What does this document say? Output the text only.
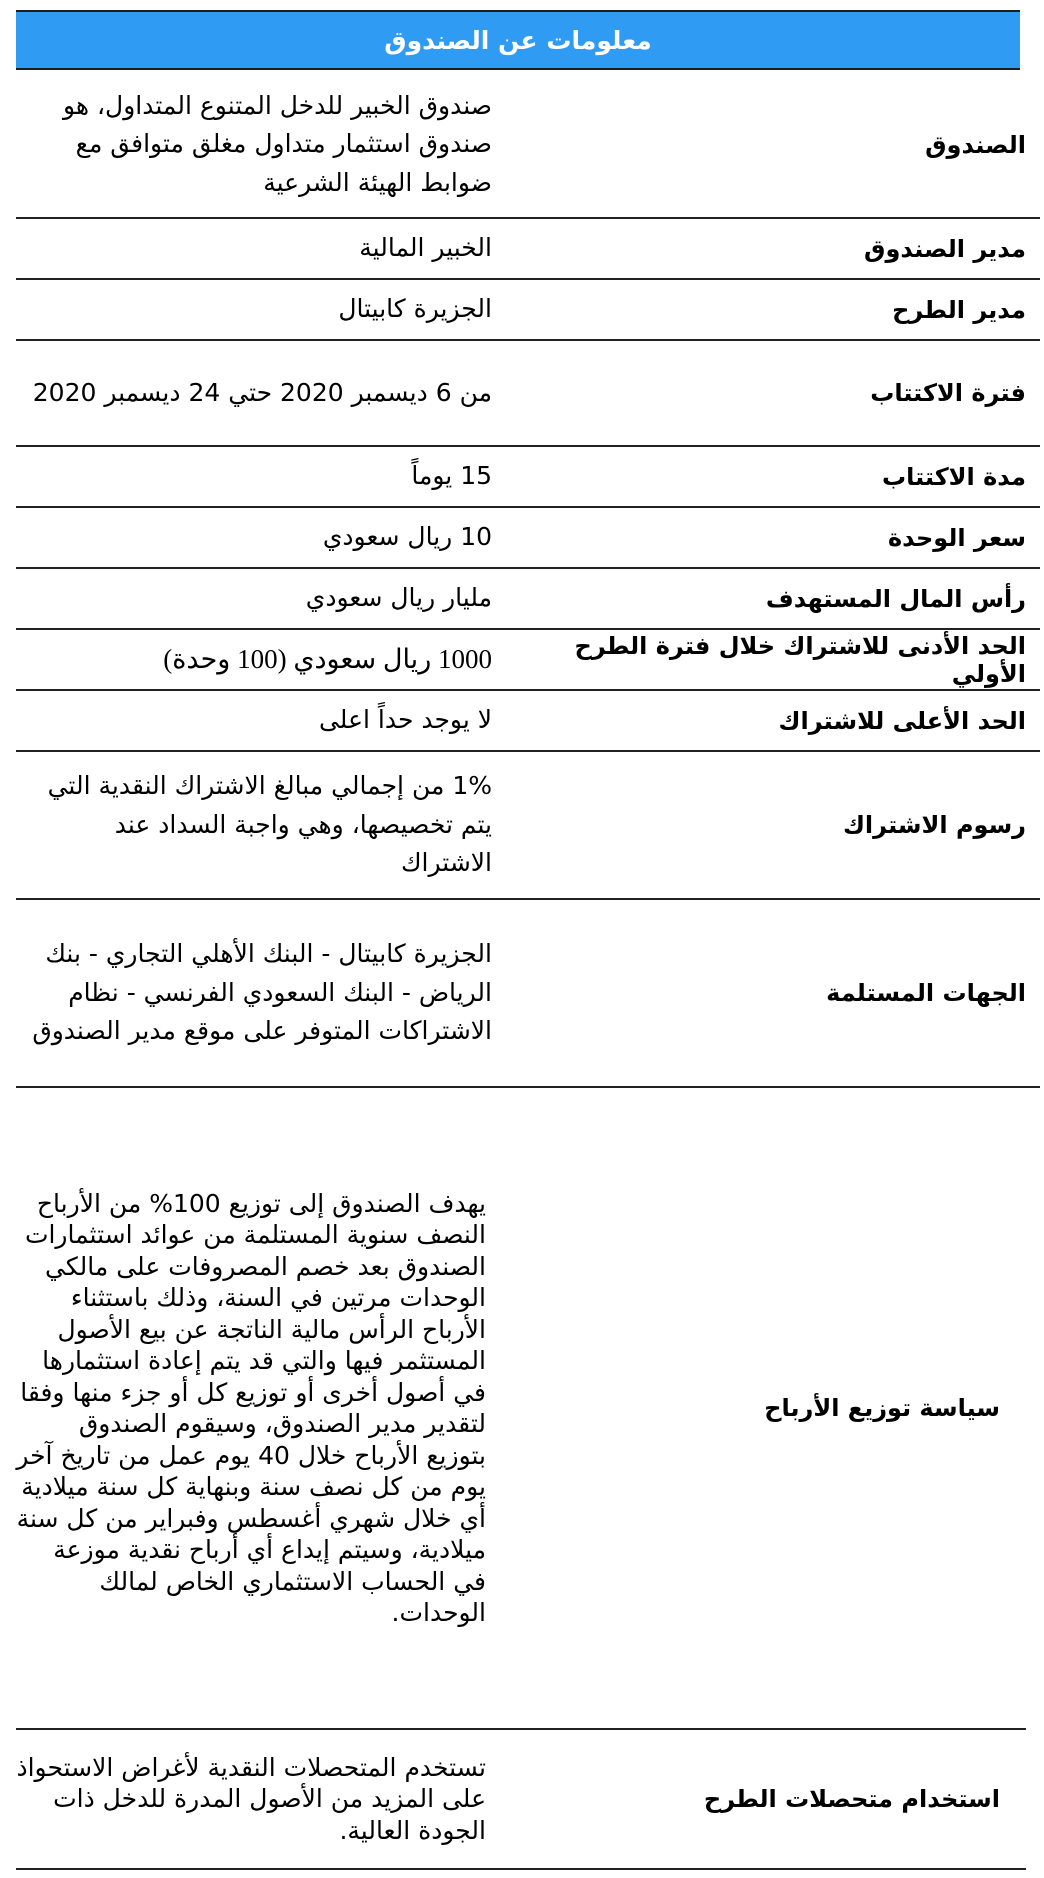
معلومات عن الصندوق
الصندوق
صندوق الخبير للدخل المتنوع المتداول، هو صندوق استثمار متداول مغلق متوافق مع ضوابط الهيئة الشرعية
مدير الصندوق
الخبير المالية
مدير الطرح
الجزيرة كابيتال
فترة الاكتتاب
من 6 ديسمبر 2020 حتي 24 ديسمبر 2020
مدة الاكتتاب
15 يوماً
سعر الوحدة
10 ريال سعودي
رأس المال المستهدف
مليار ريال سعودي
الحد الأدنى للاشتراك خلال فترة الطرح الأولي
1000 ريال سعودي (100 وحدة)
الحد الأعلى للاشتراك
لا يوجد حداً اعلى
رسوم الاشتراك
1% من إجمالي مبالغ الاشتراك النقدية التي يتم تخصيصها، وهي واجبة السداد عند الاشتراك
الجهات المستلمة
الجزيرة كابيتال - البنك الأهلي التجاري - بنك الرياض - البنك السعودي الفرنسي - نظام الاشتراكات المتوفر على موقع مدير الصندوق
سياسة توزيع الأرباح
يهدف الصندوق إلى توزيع 100% من الأرباح النصف سنوية المستلمة من عوائد استثمارات الصندوق بعد خصم المصروفات على مالكي الوحدات مرتين في السنة، وذلك باستثناء الأرباح الرأس مالية الناتجة عن بيع الأصول المستثمر فيها والتي قد يتم إعادة استثمارها في أصول أخرى أو توزيع كل أو جزء منها وفقا لتقدير مدير الصندوق، وسيقوم الصندوق بتوزيع الأرباح خلال 40 يوم عمل من تاريخ آخر يوم من كل نصف سنة وبنهاية كل سنة ميلادية أي خلال شهري أغسطس وفبراير من كل سنة ميلادية، وسيتم إيداع أي أرباح نقدية موزعة في الحساب الاستثماري الخاص لمالك الوحدات.
استخدام متحصلات الطرح
تستخدم المتحصلات النقدية لأغراض الاستحواذ على المزيد من الأصول المدرة للدخل ذات الجودة العالية.
